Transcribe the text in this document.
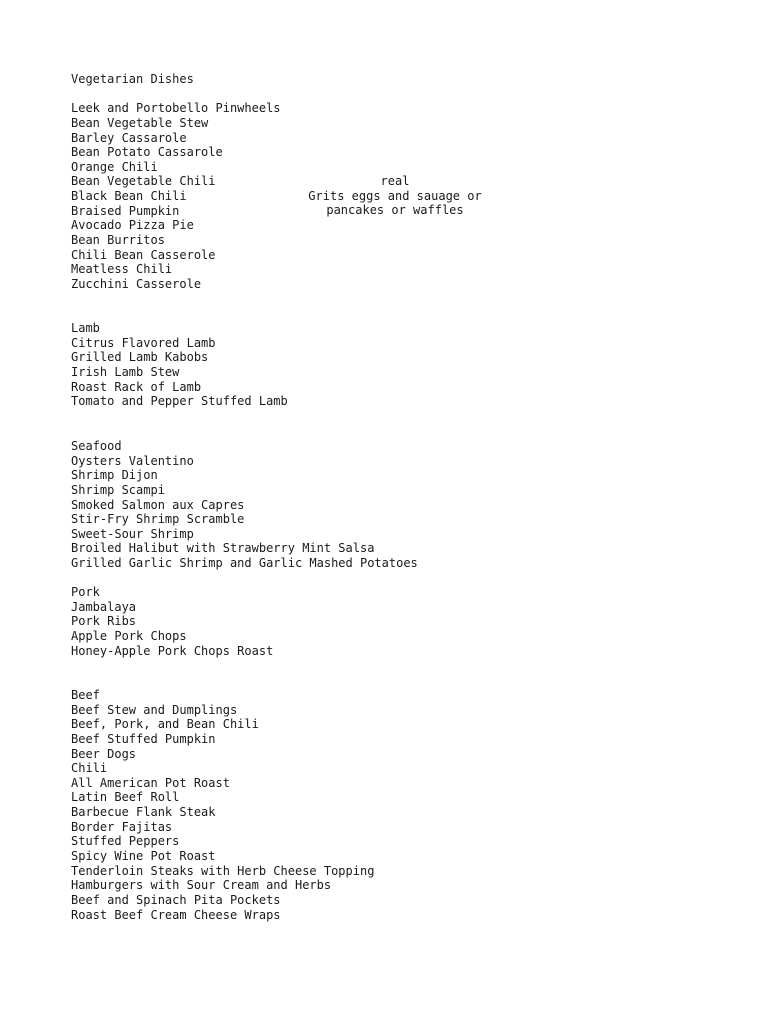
Vegetarian Dishes
Leek and Portobello Pinwheels
Bean Vegetable Stew
Barley Cassarole
Bean Potato Cassarole
Orange Chili
Bean Vegetable Chili
Black Bean Chili
Braised Pumpkin
Avocado Pizza Pie
Bean Burritos
Chili Bean Casserole
Meatless Chili
Zucchini Casserole
real
Grits eggs and sauage or
pancakes or waffles
Lamb
Citrus Flavored Lamb
Grilled Lamb Kabobs
Irish Lamb Stew
Roast Rack of Lamb
Tomato and Pepper Stuffed Lamb
Seafood
Oysters Valentino
Shrimp Dijon
Shrimp Scampi
Smoked Salmon aux Capres
Stir-Fry Shrimp Scramble
Sweet-Sour Shrimp
Broiled Halibut with Strawberry Mint Salsa
Grilled Garlic Shrimp and Garlic Mashed Potatoes
Pork
Jambalaya
Pork Ribs
Apple Pork Chops
Honey-Apple Pork Chops Roast
Beef
Beef Stew and Dumplings
Beef, Pork, and Bean Chili
Beef Stuffed Pumpkin
Beer Dogs
Chili
All American Pot Roast
Latin Beef Roll
Barbecue Flank Steak
Border Fajitas
Stuffed Peppers
Spicy Wine Pot Roast
Tenderloin Steaks with Herb Cheese Topping
Hamburgers with Sour Cream and Herbs
Beef and Spinach Pita Pockets
Roast Beef Cream Cheese Wraps
